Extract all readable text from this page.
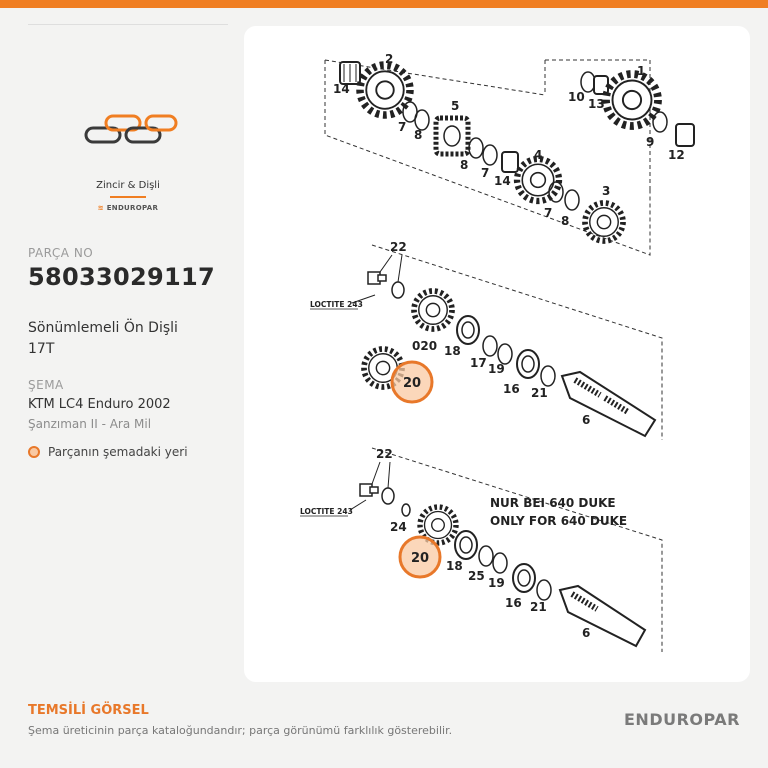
Zincir & Dişli
≋ ENDUROPAR
PARÇA NO
58033029117
Sönümlemeli Ön Dişli
17T
ŞEMA
KTM LC4 Enduro 2002
Şanzıman II - Ara Mil
Parçanın şemadaki yeri
LOCTITE 243
LOCTITE 243
NUR BEI 640 DUKE
ONLY FOR 640 DUKE
2
14
7
8
5
8
7
14
4
7
8
3
1
10 13
9
12
22
020 18
17 19
16 21
6
22
24
18
25 19
16 21
6
20
20
TEMSİLİ GÖRSEL
Şema üreticinin parça kataloğundandır; parça görünümü farklılık gösterebilir.
ENDUROPAR
